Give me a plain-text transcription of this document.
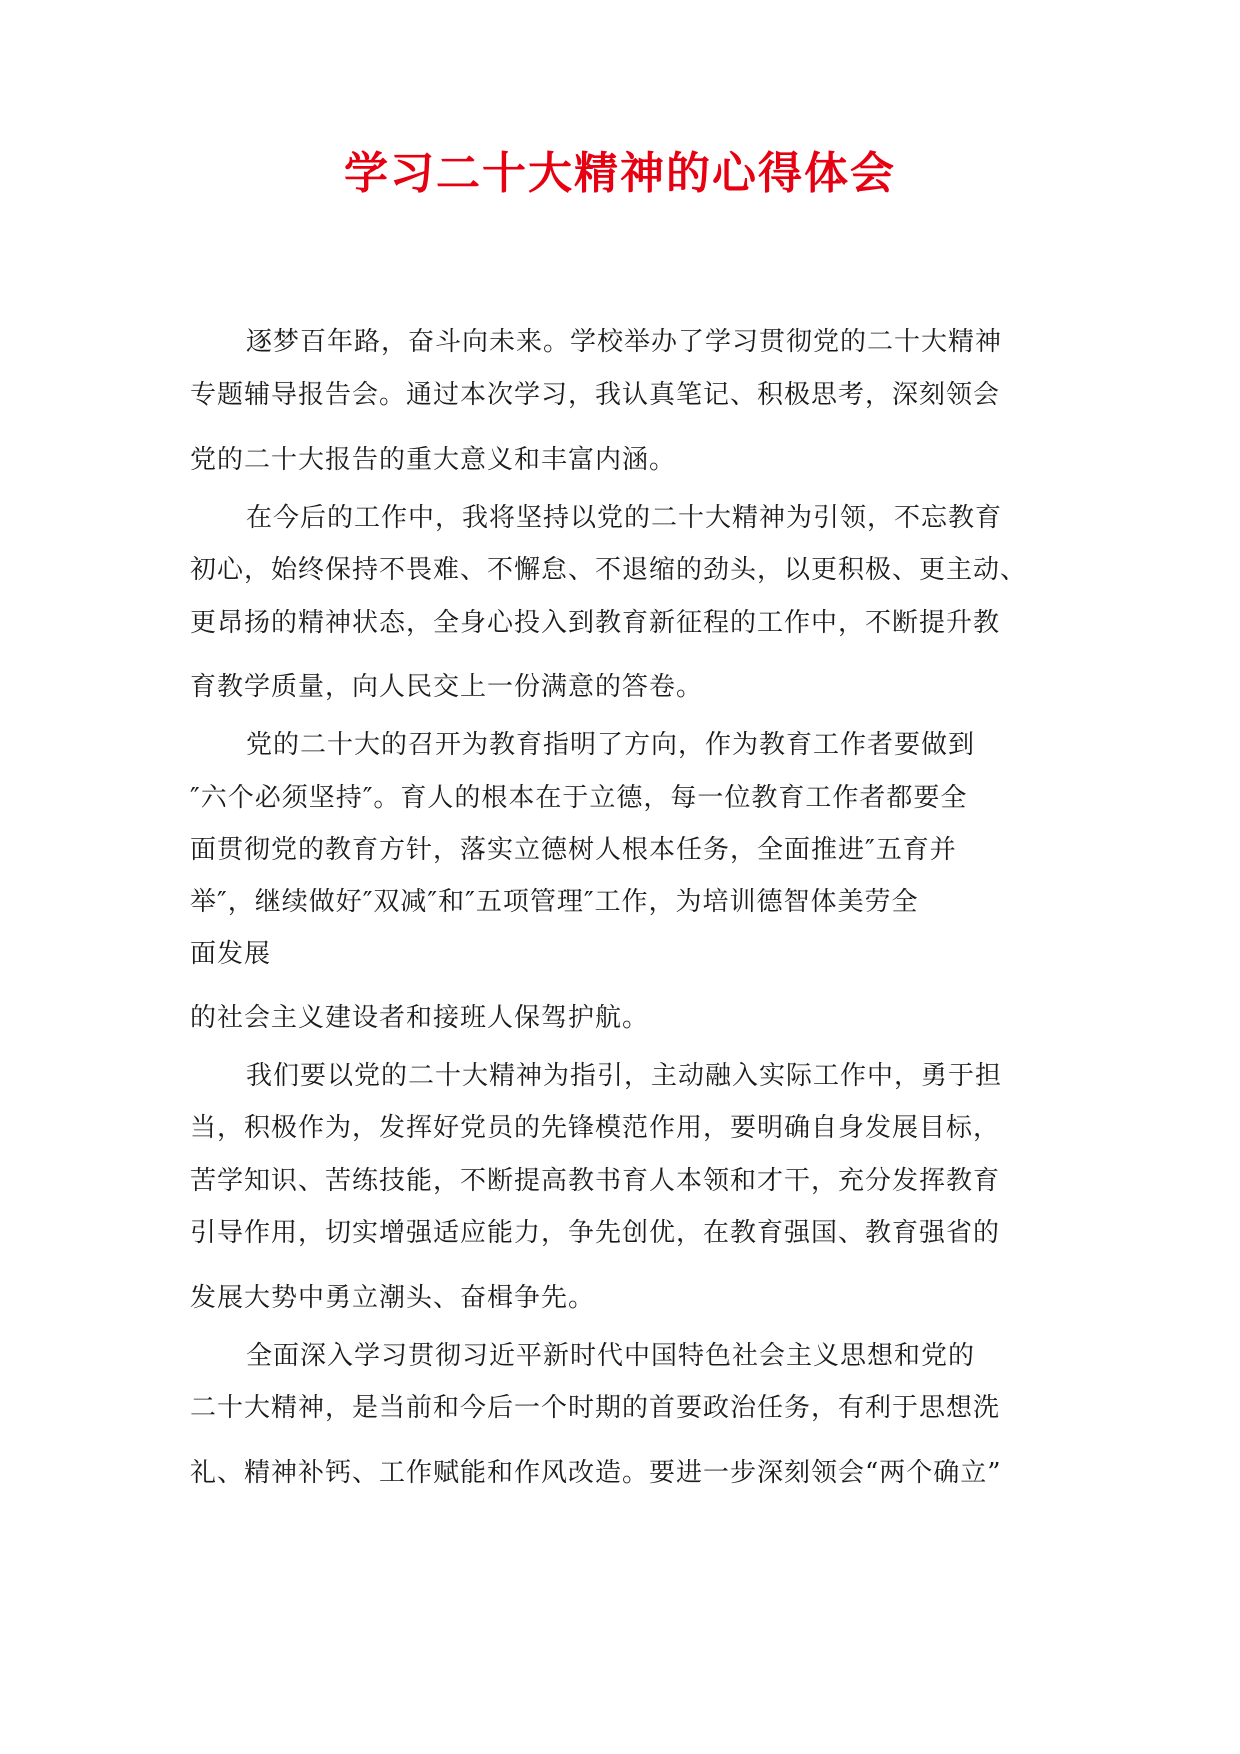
学习二十大精神的心得体会
逐梦百年路，奋斗向未来。学校举办了学习贯彻党的二十大精神
专题辅导报告会。通过本次学习，我认真笔记、积极思考，深刻领会
党的二十大报告的重大意义和丰富内涵。
在今后的工作中，我将坚持以党的二十大精神为引领，不忘教育
初心，始终保持不畏难、不懈怠、不退缩的劲头，以更积极、更主动、
更昂扬的精神状态，全身心投入到教育新征程的工作中，不断提升教
育教学质量，向人民交上一份满意的答卷。
党的二十大的召开为教育指明了方向，作为教育工作者要做到
″六个必须坚持″。育人的根本在于立德，每一位教育工作者都要全
面贯彻党的教育方针，落实立德树人根本任务，全面推进″五育并
举″，继续做好″双减″和″五项管理″工作，为培训德智体美劳全
面发展
的社会主义建设者和接班人保驾护航。
我们要以党的二十大精神为指引，主动融入实际工作中，勇于担
当，积极作为，发挥好党员的先锋模范作用，要明确自身发展目标，
苦学知识、苦练技能，不断提高教书育人本领和才干，充分发挥教育
引导作用，切实增强适应能力，争先创优，在教育强国、教育强省的
发展大势中勇立潮头、奋楫争先。
全面深入学习贯彻习近平新时代中国特色社会主义思想和党的
二十大精神，是当前和今后一个时期的首要政治任务，有利于思想洗
礼、精神补钙、工作赋能和作风改造。要进一步深刻领会“两个确立”
